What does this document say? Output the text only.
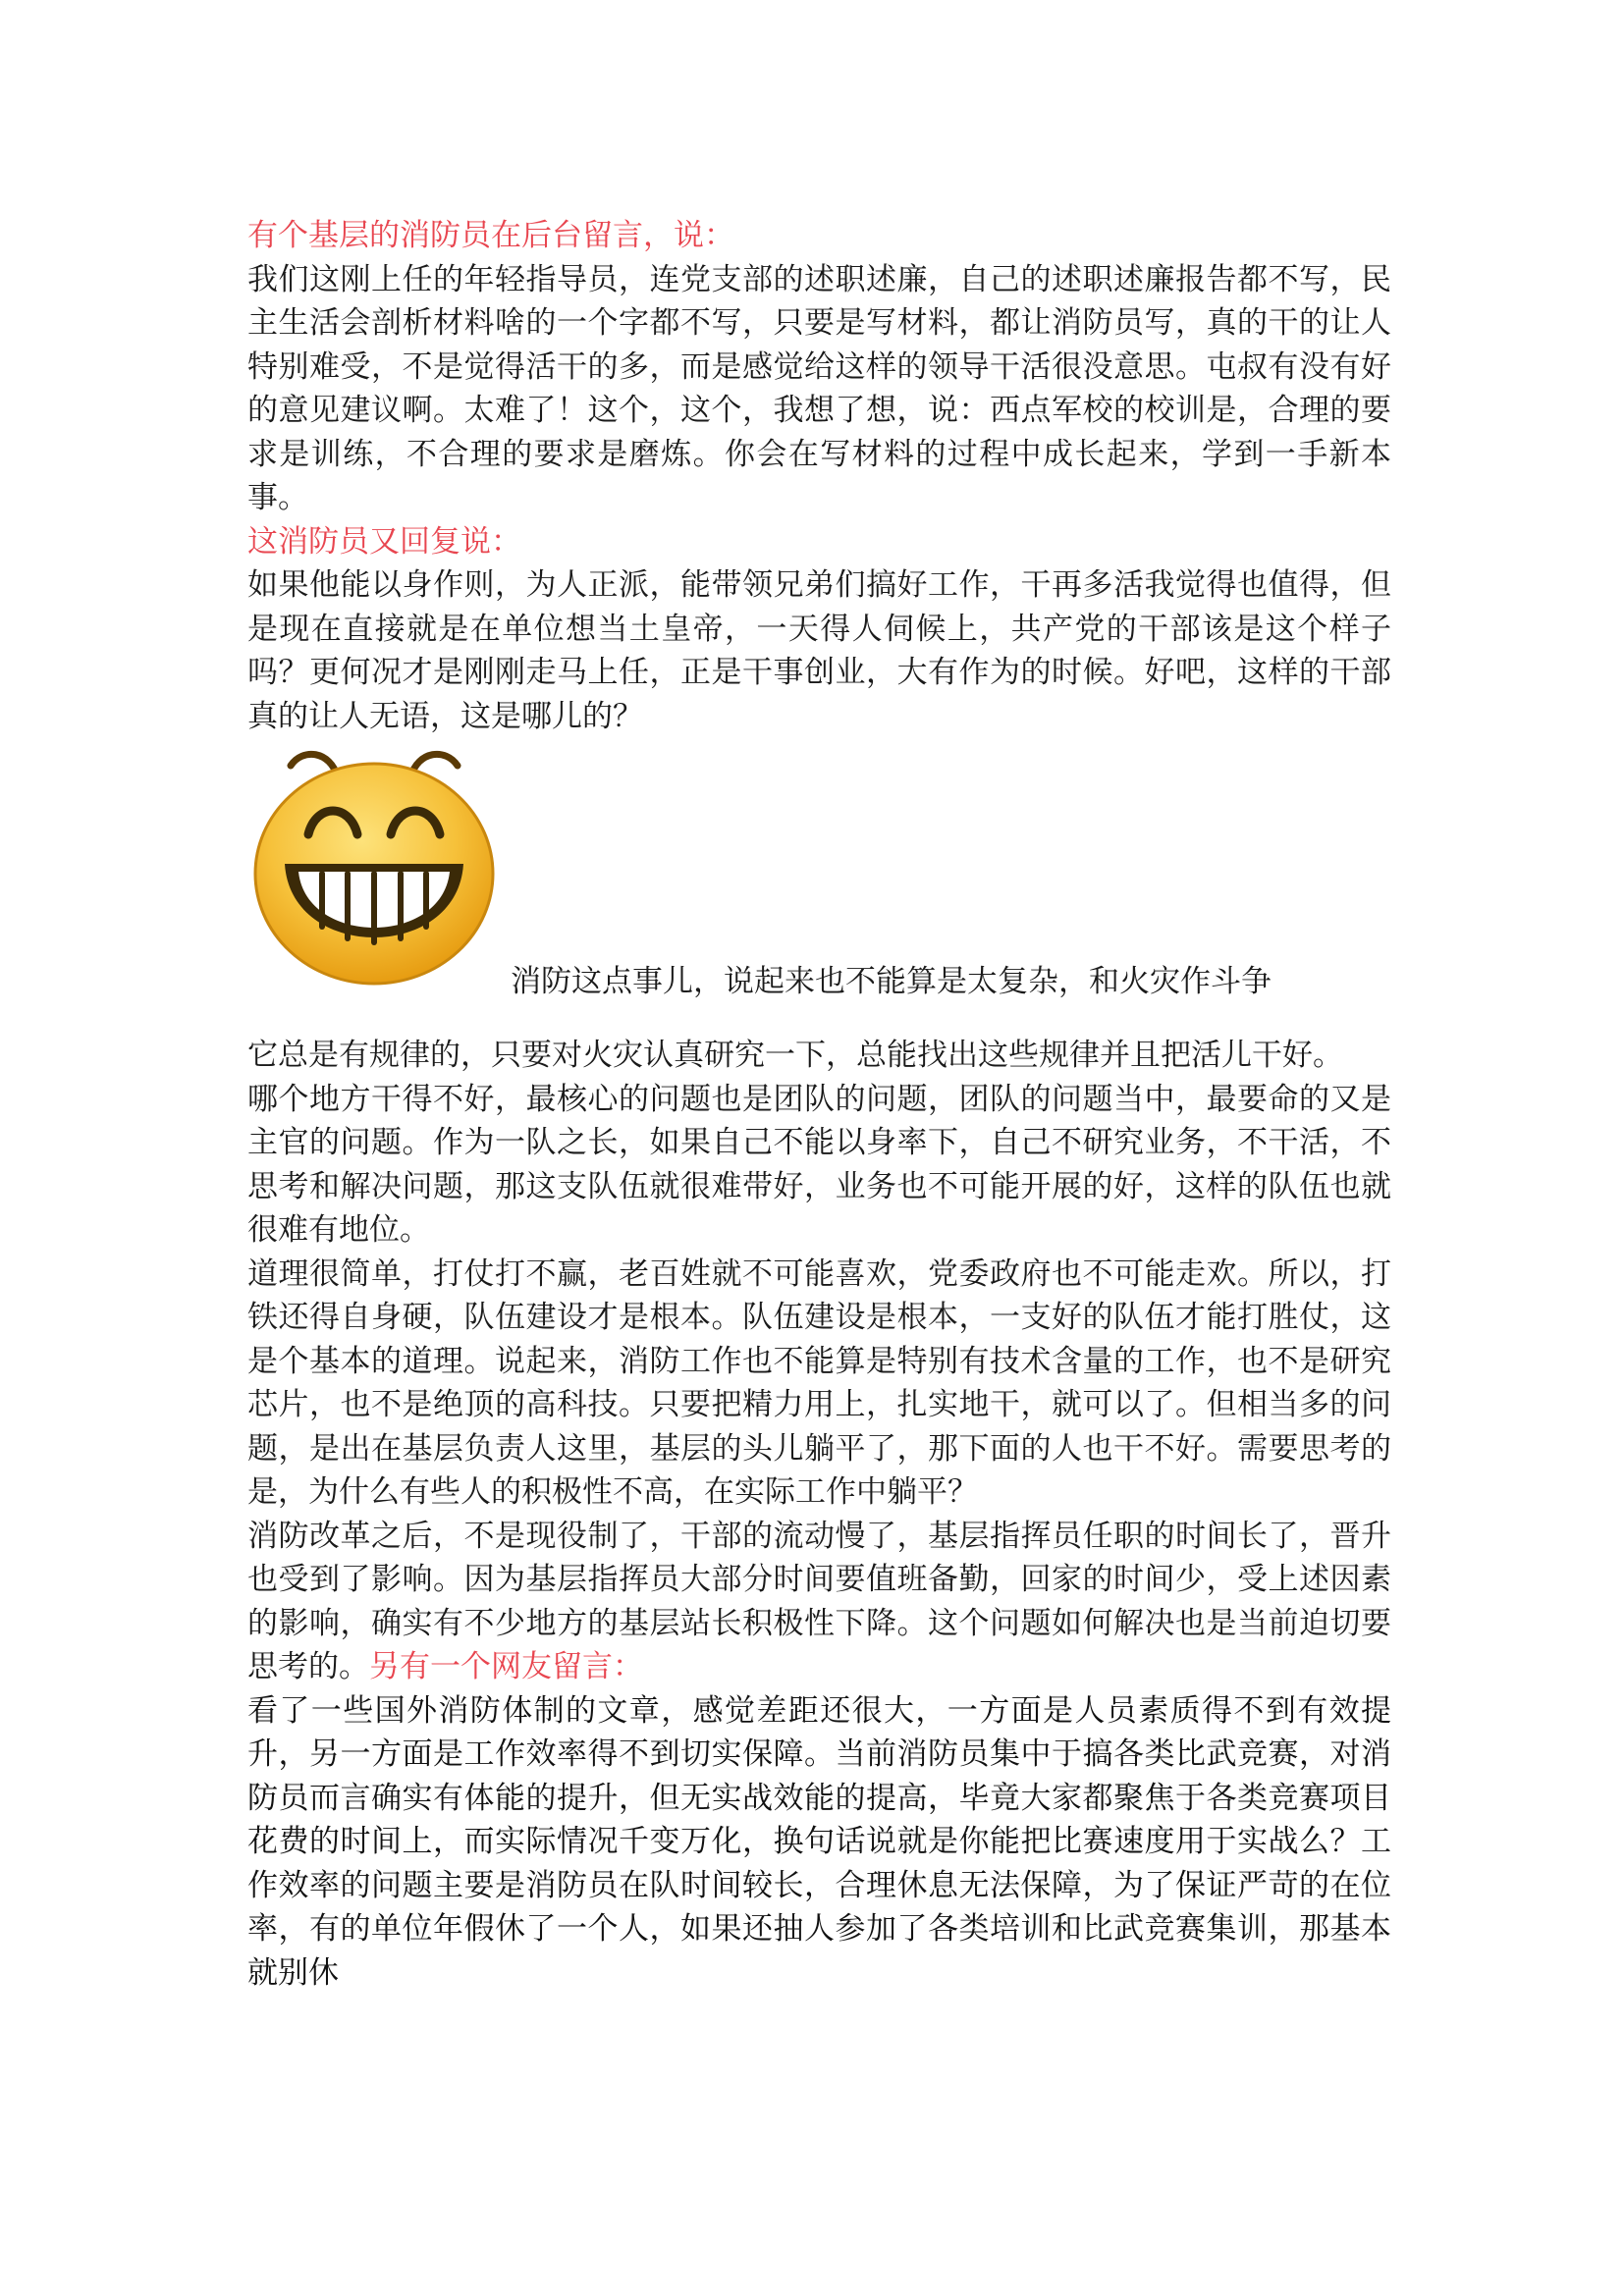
有个基层的消防员在后台留言，说：

我们这刚上任的年轻指导员，连党支部的述职述廉，自己的述职述廉报告都不写，民主生活会剖析材料啥的一个字都不写，只要是写材料，都让消防员写，真的干的让人特别难受，不是觉得活干的多，而是感觉给这样的领导干活很没意思。屯叔有没有好的意见建议啊。太难了！这个，这个，我想了想，说：西点军校的校训是，合理的要求是训练，不合理的要求是磨炼。你会在写材料的过程中成长起来，学到一手新本事。

这消防员又回复说：

如果他能以身作则，为人正派，能带领兄弟们搞好工作，干再多活我觉得也值得，但是现在直接就是在单位想当土皇帝，一天得人伺候上，共产党的干部该是这个样子吗？更何况才是刚刚走马上任，正是干事创业，大有作为的时候。好吧，这样的干部真的让人无语，这是哪儿的？

消防这点事儿，说起来也不能算是太复杂，和火灾作斗争

它总是有规律的，只要对火灾认真研究一下，总能找出这些规律并且把活儿干好。

哪个地方干得不好，最核心的问题也是团队的问题，团队的问题当中，最要命的又是主官的问题。作为一队之长，如果自己不能以身率下，自己不研究业务，不干活，不思考和解决问题，那这支队伍就很难带好，业务也不可能开展的好，这样的队伍也就很难有地位。

道理很简单，打仗打不赢，老百姓就不可能喜欢，党委政府也不可能走欢。所以，打铁还得自身硬，队伍建设才是根本。队伍建设是根本，一支好的队伍才能打胜仗，这是个基本的道理。说起来，消防工作也不能算是特别有技术含量的工作，也不是研究芯片，也不是绝顶的高科技。只要把精力用上，扎实地干，就可以了。但相当多的问题，是出在基层负责人这里，基层的头儿躺平了，那下面的人也干不好。需要思考的是，为什么有些人的积极性不高，在实际工作中躺平？

消防改革之后，不是现役制了，干部的流动慢了，基层指挥员任职的时间长了，晋升也受到了影响。因为基层指挥员大部分时间要值班备勤，回家的时间少，受上述因素的影响，确实有不少地方的基层站长积极性下降。这个问题如何解决也是当前迫切要思考的。另有一个网友留言：

看了一些国外消防体制的文章，感觉差距还很大，一方面是人员素质得不到有效提升，另一方面是工作效率得不到切实保障。当前消防员集中于搞各类比武竞赛，对消防员而言确实有体能的提升，但无实战效能的提高，毕竟大家都聚焦于各类竞赛项目花费的时间上，而实际情况千变万化，换句话说就是你能把比赛速度用于实战么？工作效率的问题主要是消防员在队时间较长，合理休息无法保障，为了保证严苛的在位率，有的单位年假休了一个人，如果还抽人参加了各类培训和比武竞赛集训，那基本就别休
